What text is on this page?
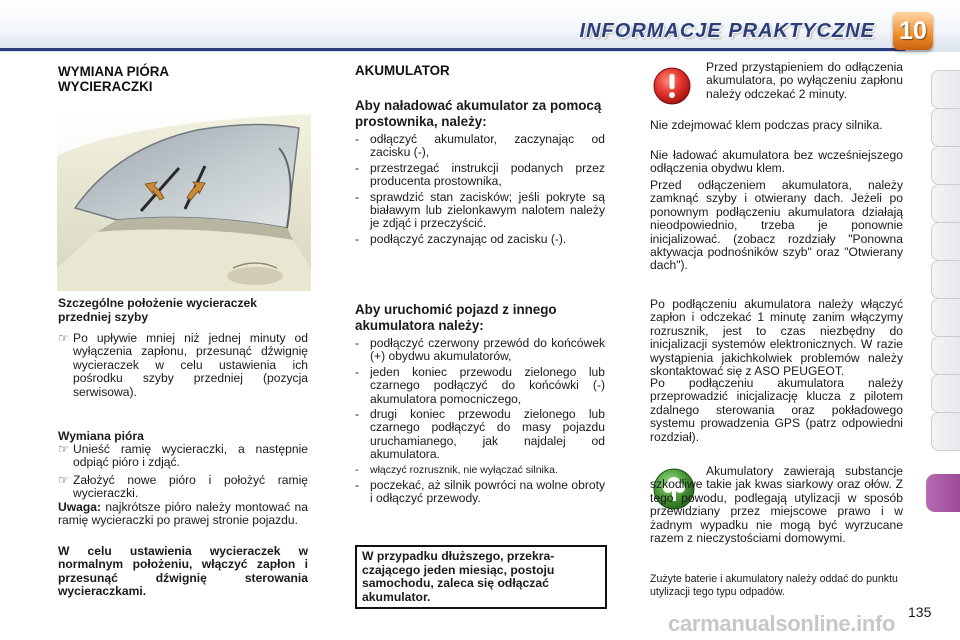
INFORMACJE PRAKTYCZNE 10
WYMIANA PIÓRA WYCIERACZKI
Szczególne położenie wycieraczek przedniej szyby
☞ Po upływie mniej niż jednej minuty od wyłączenia zapłonu, przesunąć dźwignię wycieraczek w celu ustawienia ich pośrodku szyby przedniej (pozycja serwisowa).
Wymiana pióra
☞ Unieść ramię wycieraczki, a następnie odpiąć pióro i zdjąć.
☞ Założyć nowe pióro i położyć ramię wycieraczki.
Uwaga: najkrótsze pióro należy montować na ramię wycieraczki po prawej stronie pojazdu.
W celu ustawienia wycieraczek w normalnym położeniu, włączyć zapłon i przesunąć dźwignię sterowania wycieraczkami.
AKUMULATOR
Aby naładować akumulator za pomocą prostownika, należy:
- odłączyć akumulator, zaczynając od zacisku (-),
- przestrzegać instrukcji podanych przez producenta prostownika,
- sprawdzić stan zacisków; jeśli pokryte są białawym lub zielonkawym nalotem należy je zdjąć i przeczyścić.
- podłączyć zaczynając od zacisku (-).
Aby uruchomić pojazd z innego akumulatora należy:
- podłączyć czerwony przewód do końcówek (+) obydwu akumulatorów,
- jeden koniec przewodu zielonego lub czarnego podłączyć do końcówki (-) akumulatora pomocniczego,
- drugi koniec przewodu zielonego lub czarnego podłączyć do masy pojazdu uruchamianego, jak najdalej od akumulatora.
- włączyć rozrusznik, nie wyłączać silnika.
- poczekać, aż silnik powróci na wolne obroty i odłączyć przewody.
W przypadku dłuższego, przekraczającego jeden miesiąc, postoju samochodu, zaleca się odłączać akumulator.
Przed przystąpieniem do odłączenia akumulatora, po wyłączeniu zapłonu należy odczekać 2 minuty.
Nie zdejmować klem podczas pracy silnika.
Nie ładować akumulatora bez wcześniejszego odłączenia obydwu klem.
Przed odłączeniem akumulatora, należy zamknąć szyby i otwierany dach. Jeżeli po ponownym podłączeniu akumulatora działają nieodpowiednio, trzeba je ponownie inicjalizować. (zobacz rozdziały "Ponowna aktywacja podnośników szyb" oraz "Otwierany dach").
Po podłączeniu akumulatora należy włączyć zapłon i odczekać 1 minutę zanim włączymy rozrusznik, jest to czas niezbędny do inicjalizacji systemów elektronicznych. W razie wystąpienia jakichkolwiek problemów należy skontaktować się z ASO PEUGEOT.
Po podłączeniu akumulatora należy przeprowadzić inicjalizację klucza z pilotem zdalnego sterowania oraz pokładowego systemu prowadzenia GPS (patrz odpowiedni rozdział).
Akumulatory zawierają substancje szkodliwe takie jak kwas siarkowy oraz ołów. Z tego powodu, podlegają utylizacji w sposób przewidziany przez miejscowe prawo i w żadnym wypadku nie mogą być wyrzucane razem z nieczystościami domowymi.
Zużyte baterie i akumulatory należy oddać do punktu utylizacji tego typu odpadów.
carmanualsonline.info 135
